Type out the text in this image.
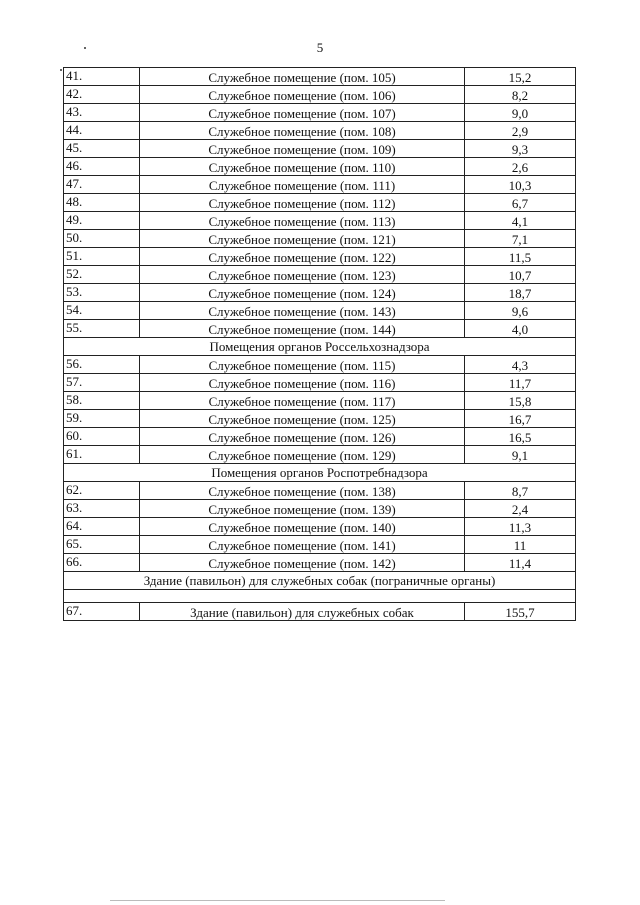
5
41.	Служебное помещение (пом. 105)	15,2
42.	Служебное помещение (пом. 106)	8,2
43.	Служебное помещение (пом. 107)	9,0
44.	Служебное помещение (пом. 108)	2,9
45.	Служебное помещение (пом. 109)	9,3
46.	Служебное помещение (пом. 110)	2,6
47.	Служебное помещение (пом. 111)	10,3
48.	Служебное помещение (пом. 112)	6,7
49.	Служебное помещение (пом. 113)	4,1
50.	Служебное помещение (пом. 121)	7,1
51.	Служебное помещение (пом. 122)	11,5
52.	Служебное помещение (пом. 123)	10,7
53.	Служебное помещение (пом. 124)	18,7
54.	Служебное помещение (пом. 143)	9,6
55.	Служебное помещение (пом. 144)	4,0
Помещения органов Россельхознадзора		
56.	Служебное помещение (пом. 115)	4,3
57.	Служебное помещение (пом. 116)	11,7
58.	Служебное помещение (пом. 117)	15,8
59.	Служебное помещение (пом. 125)	16,7
60.	Служебное помещение (пом. 126)	16,5
61.	Служебное помещение (пом. 129)	9,1
Помещения органов Роспотребнадзора		
62.	Служебное помещение (пом. 138)	8,7
63.	Служебное помещение (пом. 139)	2,4
64.	Служебное помещение (пом. 140)	11,3
65.	Служебное помещение (пом. 141)	11
66.	Служебное помещение (пом. 142)	11,4
Здание (павильон) для служебных собак (пограничные органы)		

67.	Здание (павильон) для служебных собак	155,7
